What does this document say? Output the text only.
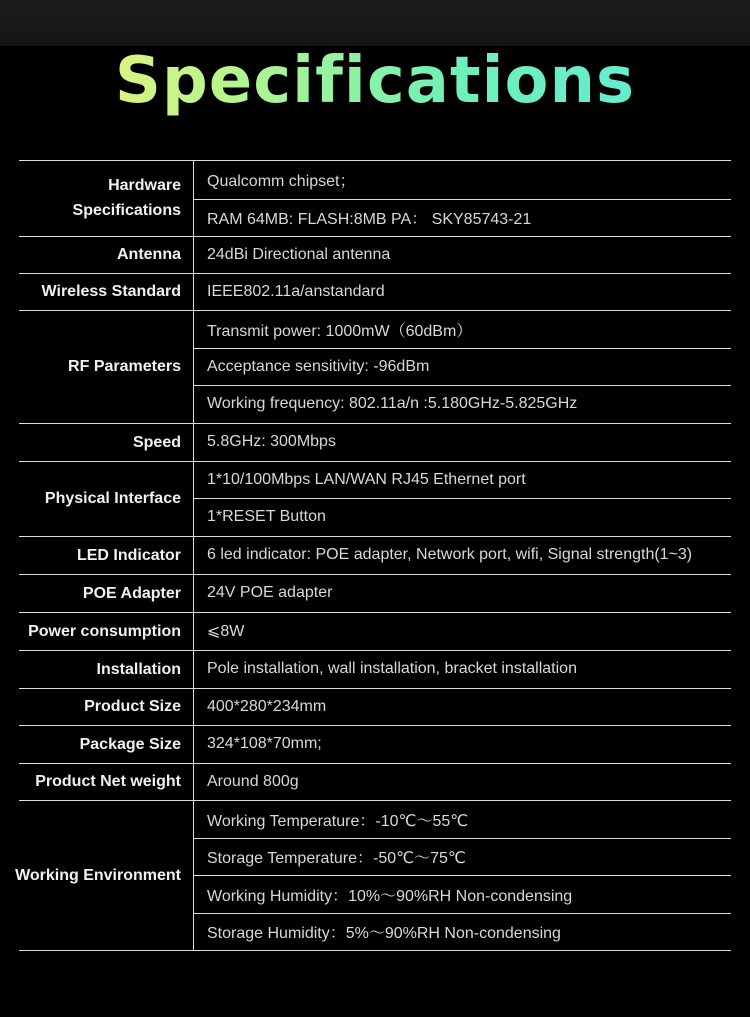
Specifications
Hardware
Specifications
Qualcomm chipset；
RAM 64MB: FLASH:8MB PA： SKY85743-21
Antenna 24dBi Directional antenna
Wireless Standard IEEE802.11a/anstandard
RF Parameters
Transmit power: 1000mW（60dBm）
Acceptance sensitivity: -96dBm
Working frequency: 802.11a/n :5.180GHz-5.825GHz
Speed 5.8GHz: 300Mbps
Physical Interface
1*10/100Mbps LAN/WAN RJ45 Ethernet port
1*RESET Button
LED Indicator 6 led indicator: POE adapter, Network port, wifi, Signal strength(1~3)
POE Adapter 24V POE adapter
Power consumption ⩽8W
Installation Pole installation, wall installation, bracket installation
Product Size 400*280*234mm
Package Size 324*108*70mm;
Product Net weight Around 800g
Working Environment
Working Temperature：-10℃～55℃
Storage Temperature：-50℃～75℃
Working Humidity：10%～90%RH Non-condensing
Storage Humidity：5%～90%RH Non-condensing
